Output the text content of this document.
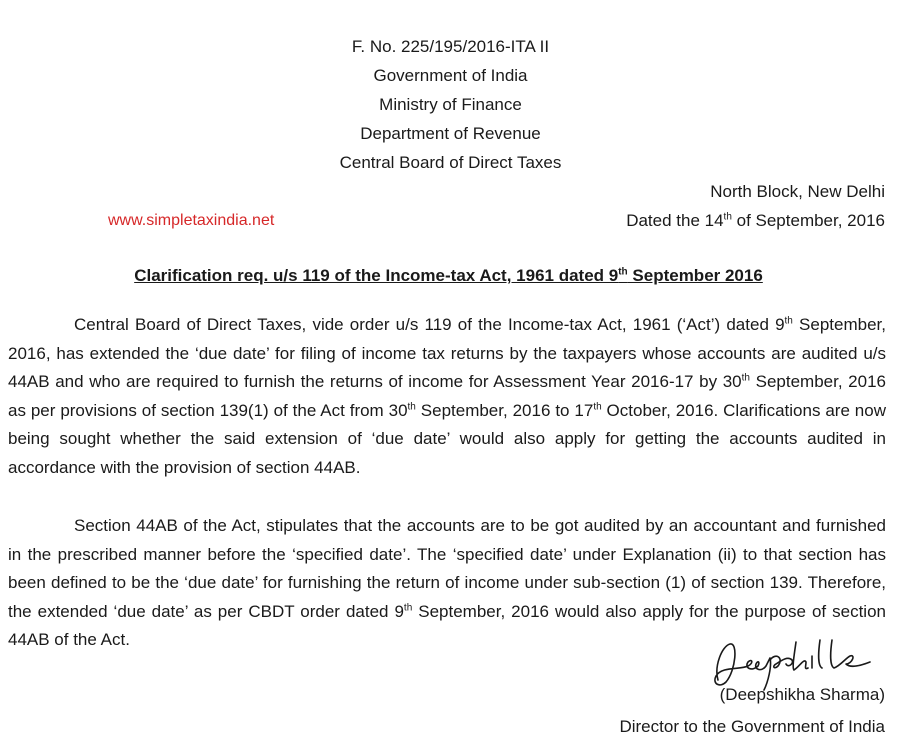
F. No. 225/195/2016-ITA II
Government of India
Ministry of Finance
Department of Revenue
Central Board of Direct Taxes
North Block, New Delhi
www.simpletaxindia.net	Dated the 14th of September, 2016
Clarification req. u/s 119 of the Income-tax Act, 1961 dated 9th September 2016
Central Board of Direct Taxes, vide order u/s 119 of the Income-tax Act, 1961 (‘Act’) dated 9th September, 2016, has extended the ‘due date’ for filing of income tax returns by the taxpayers whose accounts are audited u/s 44AB and who are required to furnish the returns of income for Assessment Year 2016-17 by 30th September, 2016 as per provisions of section 139(1) of the Act from 30th September, 2016 to 17th October, 2016. Clarifications are now being sought whether the said extension of ‘due date’ would also apply for getting the accounts audited in accordance with the provision of section 44AB.
Section 44AB of the Act, stipulates that the accounts are to be got audited by an accountant and furnished in the prescribed manner before the ‘specified date’. The ‘specified date’ under Explanation (ii) to that section has been defined to be the ‘due date’ for furnishing the return of income under sub-section (1) of section 139. Therefore, the extended ‘due date’ as per CBDT order dated 9th September, 2016 would also apply for the purpose of section 44AB of the Act.
(Deepshikha Sharma)
Director to the Government of India
